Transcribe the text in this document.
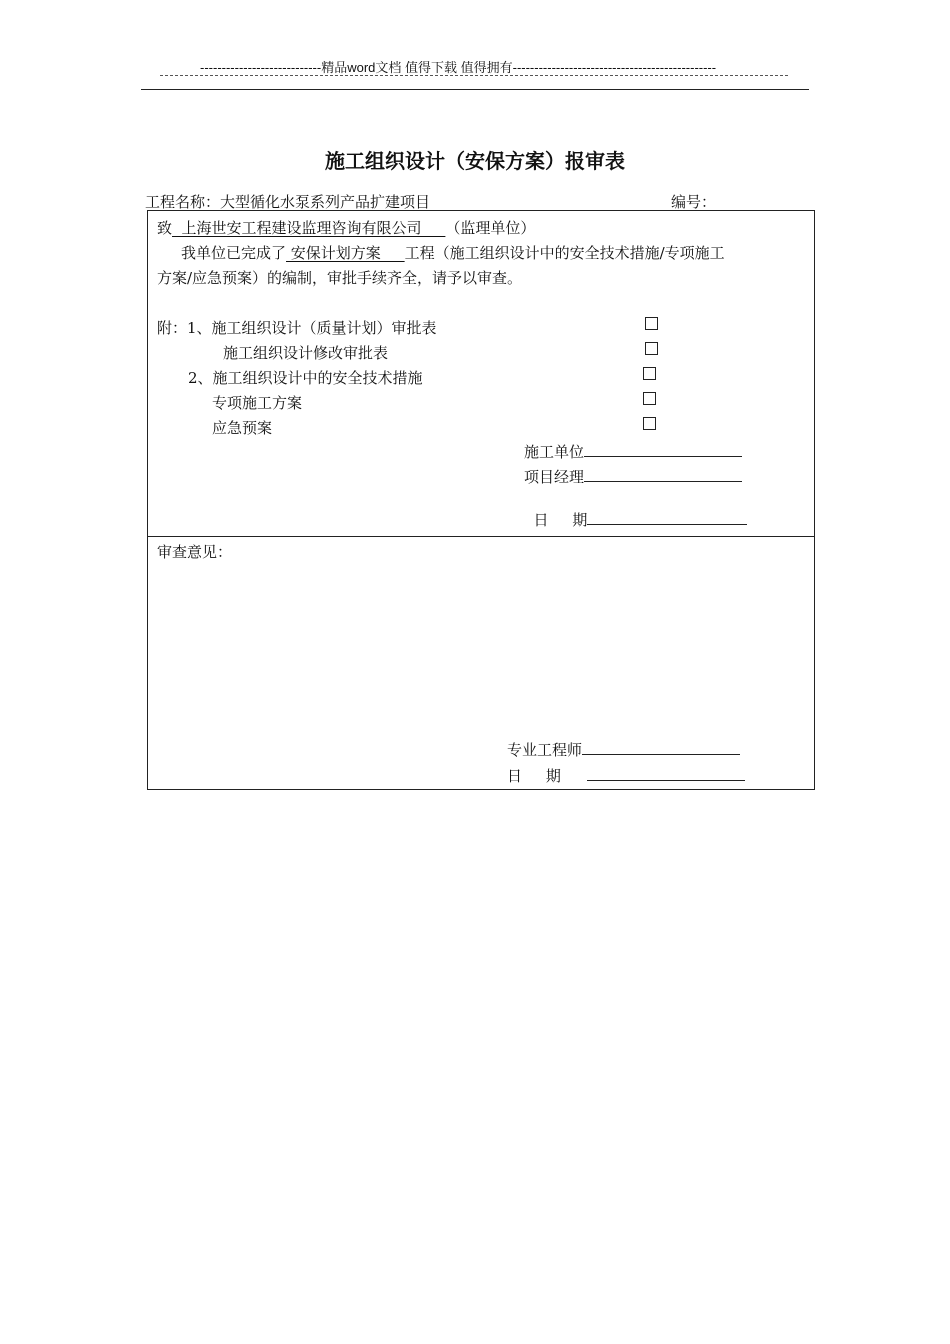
----------------------------精品word文档 值得下载 值得拥有-----------------------------------------------
施工组织设计（安保方案）报审表
工程名称：大型循化水泵系列产品扩建项目	编号：
致  上海世安工程建设监理咨询有限公司     （监理单位）
我单位已完成了 安保计划方案     工程（施工组织设计中的安全技术措施/专项施工
方案/应急预案）的编制，审批手续齐全，请予以审查。
附：1、施工组织设计（质量计划）审批表
施工组织设计修改审批表
2、施工组织设计中的安全技术措施
专项施工方案
应急预案
施工单位
项目经理

日     期

审查意见：
专业工程师
日     期
